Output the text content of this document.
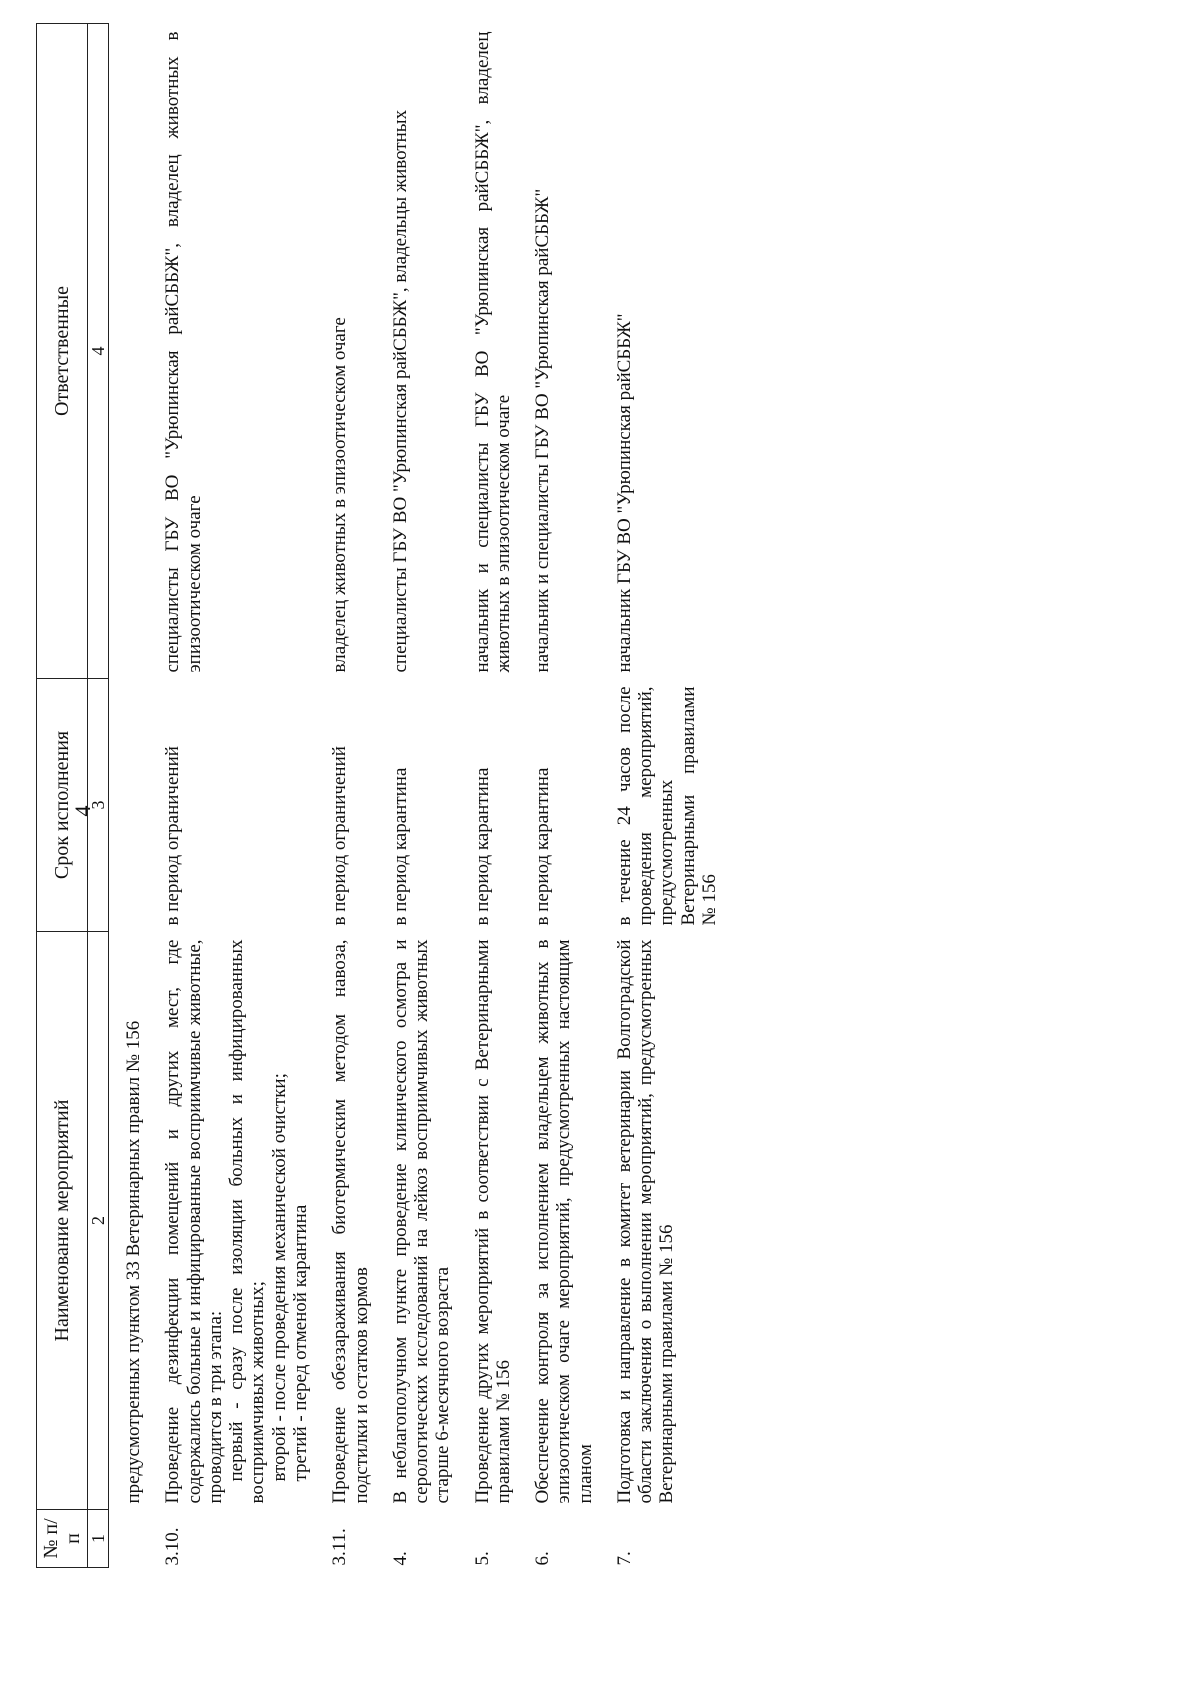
4
№ п/п	Наименование мероприятий	Срок исполнения	Ответственные
1	2	3	4

	предусмотренных пунктом 33 Ветеринарных правил № 156		
3.10.	Проведение дезинфекции помещений и других мест, где содержались больные и инфицированные восприимчивые животные, проводится в три этапа: первый - сразу после изоляции больных и инфицированных восприимчивых животных; второй - после проведения механической очистки; третий - перед отменой карантина	в период ограничений	специалисты ГБУ ВО "Урюпинская райСББЖ", владелец животных в эпизоотическом очаге
3.11.	Проведение обеззараживания биотермическим методом навоза, подстилки и остатков кормов	в период ограничений	владелец животных в эпизоотическом очаге
4.	В неблагополучном пункте проведение клинического осмотра и серологических исследований на лейкоз восприимчивых животных старше 6-месячного возраста	в период карантина	специалисты ГБУ ВО "Урюпинская райСББЖ", владельцы животных
5.	Проведение других мероприятий в соответствии с Ветеринарными правилами № 156	в период карантина	начальник и специалисты ГБУ ВО "Урюпинская райСББЖ", владелец животных в эпизоотическом очаге
6.	Обеспечение контроля за исполнением владельцем животных в эпизоотическом очаге мероприятий, предусмотренных настоящим планом	в период карантина	начальник и специалисты ГБУ ВО "Урюпинская райСББЖ"
7.	Подготовка и направление в комитет ветеринарии Волгоградской области заключения о выполнении мероприятий, предусмотренных Ветеринарными правилами № 156	в течение 24 часов после проведения мероприятий, предусмотренных Ветеринарными правилами № 156	начальник ГБУ ВО "Урюпинская райСББЖ"
